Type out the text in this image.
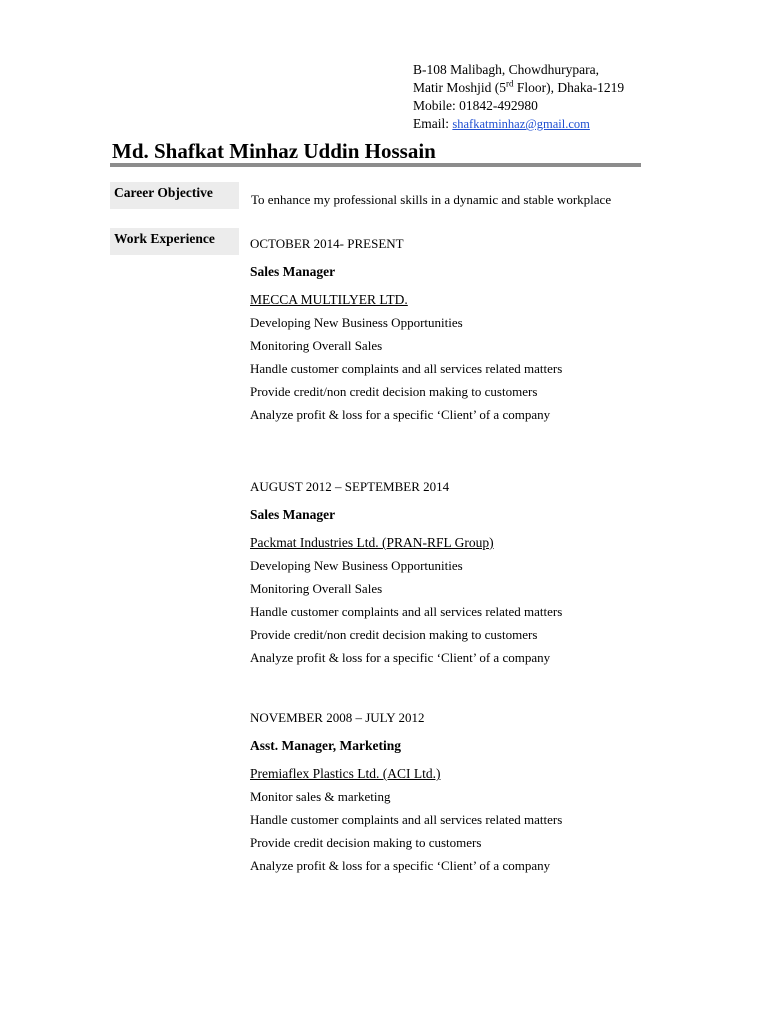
B-108 Malibagh, Chowdhurypara,
Matir Moshjid (5rd Floor), Dhaka-1219
Mobile: 01842-492980
Email: shafkatminhaz@gmail.com
Md. Shafkat Minhaz Uddin Hossain
Career Objective	To enhance my professional skills in a dynamic and stable workplace
Work Experience	OCTOBER 2014- PRESENT
Sales Manager
MECCA MULTILYER LTD.
Developing New Business Opportunities
Monitoring Overall Sales
Handle customer complaints and all services related matters
Provide credit/non credit decision making to customers
Analyze profit & loss for a specific ‘Client’ of a company
AUGUST 2012 – SEPTEMBER 2014
Sales Manager
Packmat Industries Ltd. (PRAN-RFL Group)
Developing New Business Opportunities
Monitoring Overall Sales
Handle customer complaints and all services related matters
Provide credit/non credit decision making to customers
Analyze profit & loss for a specific ‘Client’ of a company
NOVEMBER 2008 – JULY 2012
Asst. Manager, Marketing
Premiaflex Plastics Ltd. (ACI Ltd.)
Monitor sales & marketing
Handle customer complaints and all services related matters
Provide credit decision making to customers
Analyze profit & loss for a specific ‘Client’ of a company
